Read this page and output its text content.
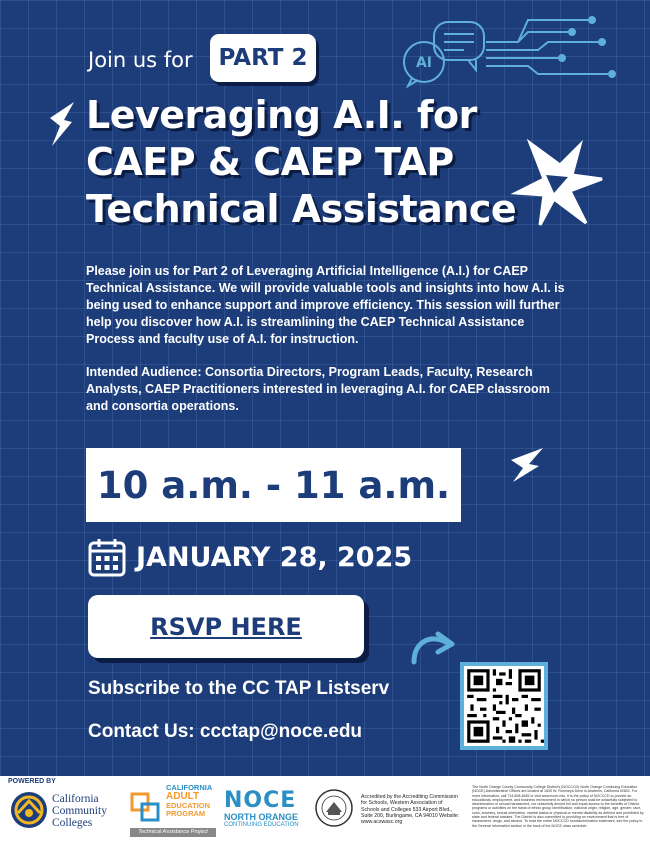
AI
Join us for	PART 2
Leveraging A.I. for
CAEP & CAEP TAP
Technical Assistance

Please join us for Part 2 of Leveraging Artificial Intelligence (A.I.) for CAEP Technical Assistance. We will provide valuable tools and insights into how A.I. is being used to enhance support and improve efficiency. This session will further help you discover how A.I. is streamlining the CAEP Technical Assistance Process and faculty use of A.I. for instruction.

Intended Audience: Consortia Directors, Program Leads, Faculty, Research Analysts, CAEP Practitioners interested in leveraging A.I. for CAEP classroom and consortia operations.

10 a.m. - 11 a.m.
JANUARY 28, 2025
RSVP HERE
Subscribe to the CC TAP Listserv
Contact Us: ccctap@noce.edu
POWERED BY
California
Community
Colleges
CALIFORNIA
ADULT
EDUCATION
PROGRAM
Technical Assistance Project
NOCE
NORTH ORANGE
CONTINUING EDUCATION
Accredited by the Accrediting Commission for Schools, Western Association of Schools and Colleges 533 Airport Blvd., Suite 200, Burlingame, CA 94010 Website: www.acswasc.org
The North Orange County Community College District's (NOCCCD) North Orange Continuing Education (NOCE) Administrative Offices are located at 1830 W. Romneya Drive in Anaheim, California 92801. For more information, call 714.808.4645 or visit www.noce.edu. It is the policy of NOCCCD to provide an educational, employment, and business environment in which no person shall be unlawfully subjected to discrimination or sexual harassment, nor unlawfully denied full and equal access to the benefits of District programs or activities on the basis of ethnic group identification, national origin, religion, age, gender, race, color, ancestry, sexual orientation, marital status or physical or mental disability as defined and prohibited by state and federal statutes. The District is also committed to providing an environment that is free of harassment, drugs, and alcohol. To read the entire NOCCCD nondiscrimination statement, see the policy in the General Information section in the back of the NOCE class schedule.
